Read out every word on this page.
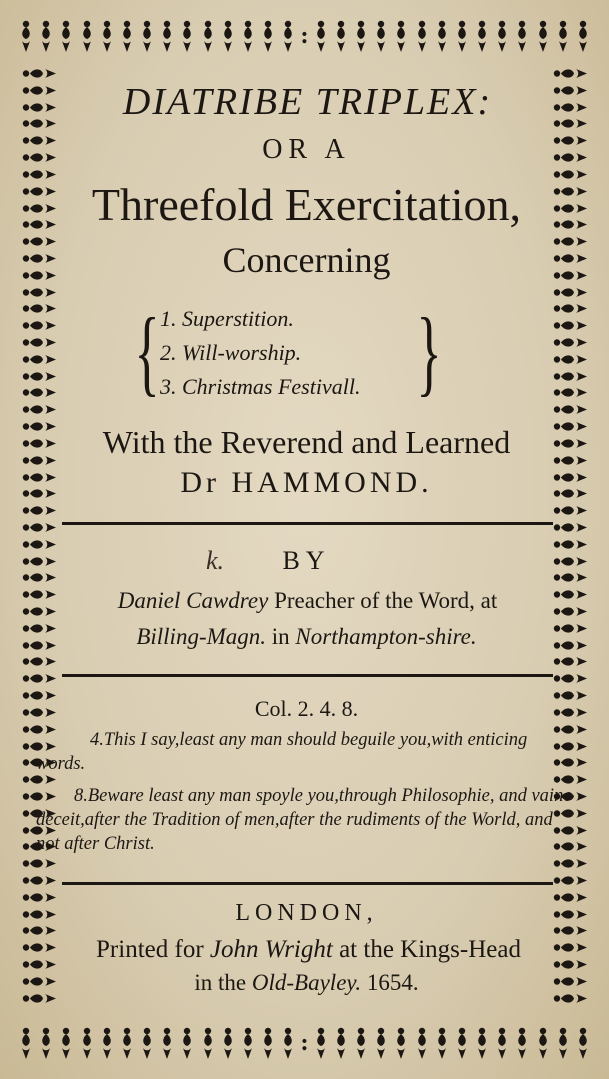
:
:
DIATRIBE TRIPLEX:
OR A
Threefold Exercitation,
Concerning
{	}
1. Superstition.
2. Will-worship.
3. Christmas Festivall.
With the Reverend and Learned
Dr HAMMOND.
k.	BY
Daniel Cawdrey Preacher of the Word, at
Billing-Magn. in Northampton-shire.
Col. 2. 4. 8.
4.This I say,least any man should beguile you,with enticing words.
8.Beware least any man spoyle you,through Philosophie, and vaine deceit,after the Tradition of men,after the rudiments of the World, and not after Christ.
LONDON,
Printed for John Wright at the Kings-Head
in the Old-Bayley. 1654.
